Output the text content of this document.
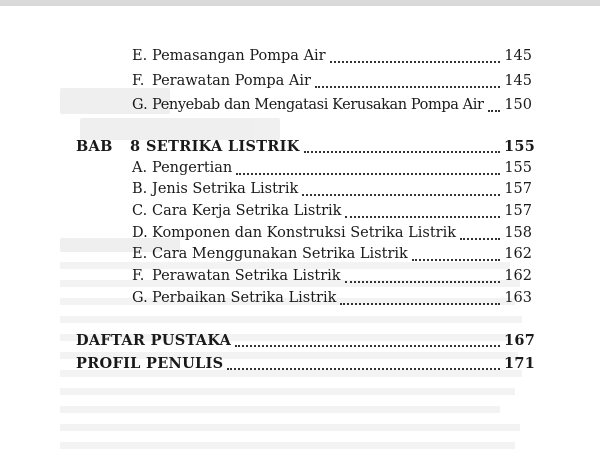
E. Pemasangan Pompa Air	145
F. Perawatan Pompa Air	145
G. Penyebab dan Mengatasi Kerusakan Pompa Air 150
BAB	8 SETRIKA LISTRIK	155
A. Pengertian	155
B. Jenis Setrika Listrik	157
C. Cara Kerja Setrika Listrik	157
D. Komponen dan Konstruksi Setrika Listrik	158
E. Cara Menggunakan Setrika Listrik	162
F. Perawatan Setrika Listrik	162
G. Perbaikan Setrika Listrik	163
DAFTAR PUSTAKA	167
PROFIL PENULIS	171
